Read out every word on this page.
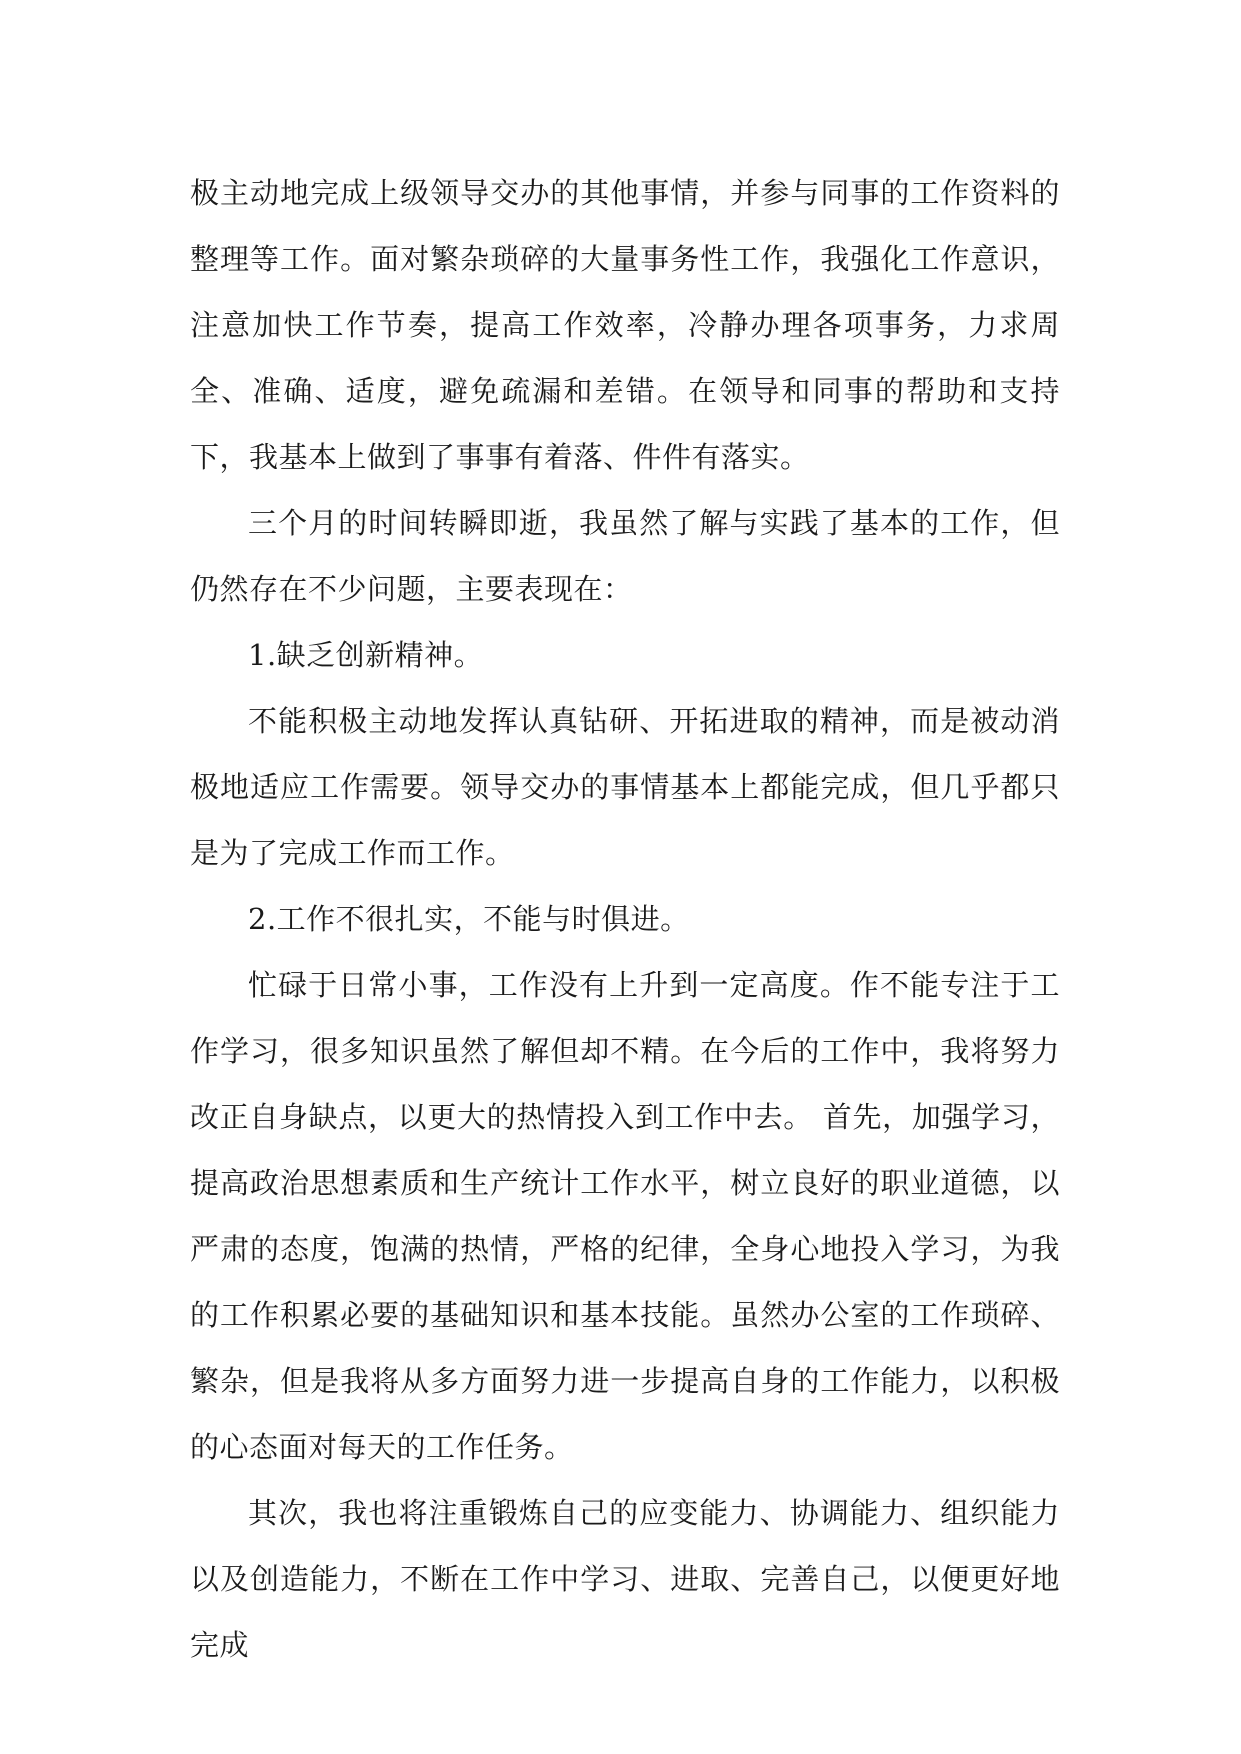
极主动地完成上级领导交办的其他事情，并参与同事的工作资料的整理等工作。面对繁杂琐碎的大量事务性工作，我强化工作意识，注意加快工作节奏，提高工作效率，冷静办理各项事务，力求周全、准确、适度，避免疏漏和差错。在领导和同事的帮助和支持下，我基本上做到了事事有着落、件件有落实。

三个月的时间转瞬即逝，我虽然了解与实践了基本的工作，但仍然存在不少问题，主要表现在：

1.缺乏创新精神。

不能积极主动地发挥认真钻研、开拓进取的精神，而是被动消极地适应工作需要。领导交办的事情基本上都能完成，但几乎都只是为了完成工作而工作。

2.工作不很扎实，不能与时俱进。

忙碌于日常小事，工作没有上升到一定高度。作不能专注于工作学习，很多知识虽然了解但却不精。在今后的工作中，我将努力改正自身缺点，以更大的热情投入到工作中去。 首先，加强学习，提高政治思想素质和生产统计工作水平，树立良好的职业道德，以严肃的态度，饱满的热情，严格的纪律，全身心地投入学习，为我的工作积累必要的基础知识和基本技能。虽然办公室的工作琐碎、繁杂，但是我将从多方面努力进一步提高自身的工作能力，以积极的心态面对每天的工作任务。

其次，我也将注重锻炼自己的应变能力、协调能力、组织能力以及创造能力，不断在工作中学习、进取、完善自己，以便更好地完成
